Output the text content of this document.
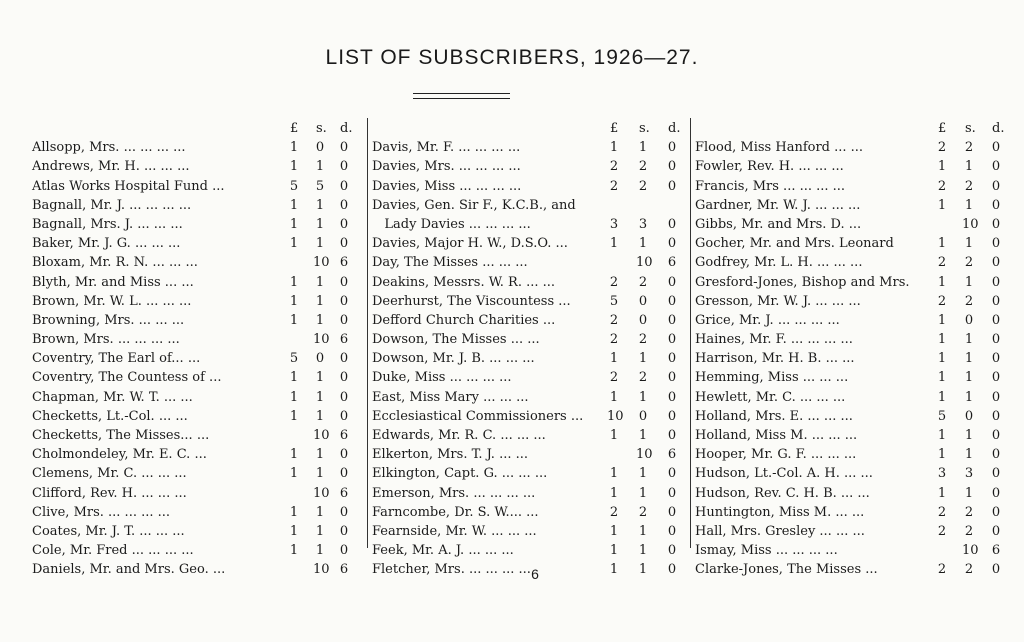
LIST OF SUBSCRIBERS, 1926—27.
6
£ s. d.
Allsopp, Mrs. ... ... ... ...	1 0 0
Andrews, Mr. H. ... ... ...	1 1 0
Atlas Works Hospital Fund ...	5 5 0
Bagnall, Mr. J. ... ... ... ...	1 1 0
Bagnall, Mrs. J. ... ... ...	1 1 0
Baker, Mr. J. G. ... ... ...	1 1 0
Bloxam, Mr. R. N. ... ... ...	10 6
Blyth, Mr. and Miss ... ...	1 1 0
Brown, Mr. W. L. ... ... ...	1 1 0
Browning, Mrs. ... ... ...	1 1 0
Brown, Mrs. ... ... ... ...	10 6
Coventry, The Earl of... ...	5 0 0
Coventry, The Countess of ...	1 1 0
Chapman, Mr. W. T. ... ...	1 1 0
Checketts, Lt.-Col. ... ...	1 1 0
Checketts, The Misses... ...	10 6
Cholmondeley, Mr. E. C. ...	1 1 0
Clemens, Mr. C. ... ... ...	1 1 0
Clifford, Rev. H. ... ... ...	10 6
Clive, Mrs. ... ... ... ...	1 1 0
Coates, Mr. J. T. ... ... ...	1 1 0
Cole, Mr. Fred ... ... ... ...	1 1 0
Daniels, Mr. and Mrs. Geo. ...	10 6
£ s. d.
Davis, Mr. F. ... ... ... ...	1 1 0
Davies, Mrs. ... ... ... ...	2 2 0
Davies, Miss ... ... ... ...	2 2 0
Davies, Gen. Sir F., K.C.B., and
Lady Davies ... ... ... ...	3 3 0
Davies, Major H. W., D.S.O. ...	1 1 0
Day, The Misses ... ... ...	10 6
Deakins, Messrs. W. R. ... ...	2 2 0
Deerhurst, The Viscountess ...	5 0 0
Defford Church Charities ...	2 0 0
Dowson, The Misses ... ...	2 2 0
Dowson, Mr. J. B. ... ... ...	1 1 0
Duke, Miss ... ... ... ...	2 2 0
East, Miss Mary ... ... ...	1 1 0
Ecclesiastical Commissioners ... 10 0 0
Edwards, Mr. R. C. ... ... ...	1 1 0
Elkerton, Mrs. T. J. ... ...	10 6
Elkington, Capt. G. ... ... ...	1 1 0
Emerson, Mrs. ... ... ... ...	1 1 0
Farncombe, Dr. S. W.... ...	2 2 0
Fearnside, Mr. W. ... ... ...	1 1 0
Feek, Mr. A. J. ... ... ...	1 1 0
Fletcher, Mrs. ... ... ... ...	1 1 0
£ s. d.
Flood, Miss Hanford ... ...	2 2 0
Fowler, Rev. H. ... ... ...	1 1 0
Francis, Mrs ... ... ... ...	2 2 0
Gardner, Mr. W. J. ... ... ...	1 1 0
Gibbs, Mr. and Mrs. D. ...	10 0
Gocher, Mr. and Mrs. Leonard	1 1 0
Godfrey, Mr. L. H. ... ... ...	2 2 0
Gresford-Jones, Bishop and Mrs. 1 1 0
Gresson, Mr. W. J. ... ... ...	2 2 0
Grice, Mr. J. ... ... ... ...	1 0 0
Haines, Mr. F. ... ... ... ...	1 1 0
Harrison, Mr. H. B. ... ...	1 1 0
Hemming, Miss ... ... ...	1 1 0
Hewlett, Mr. C. ... ... ...	1 1 0
Holland, Mrs. E. ... ... ...	5 0 0
Holland, Miss M. ... ... ...	1 1 0
Hooper, Mr. G. F. ... ... ...	1 1 0
Hudson, Lt.-Col. A. H. ... ...	3 3 0
Hudson, Rev. C. H. B. ... ...	1 1 0
Huntington, Miss M. ... ...	2 2 0
Hall, Mrs. Gresley ... ... ...	2 2 0
Ismay, Miss ... ... ... ...	10 6
Clarke-Jones, The Misses ...	2 2 0
